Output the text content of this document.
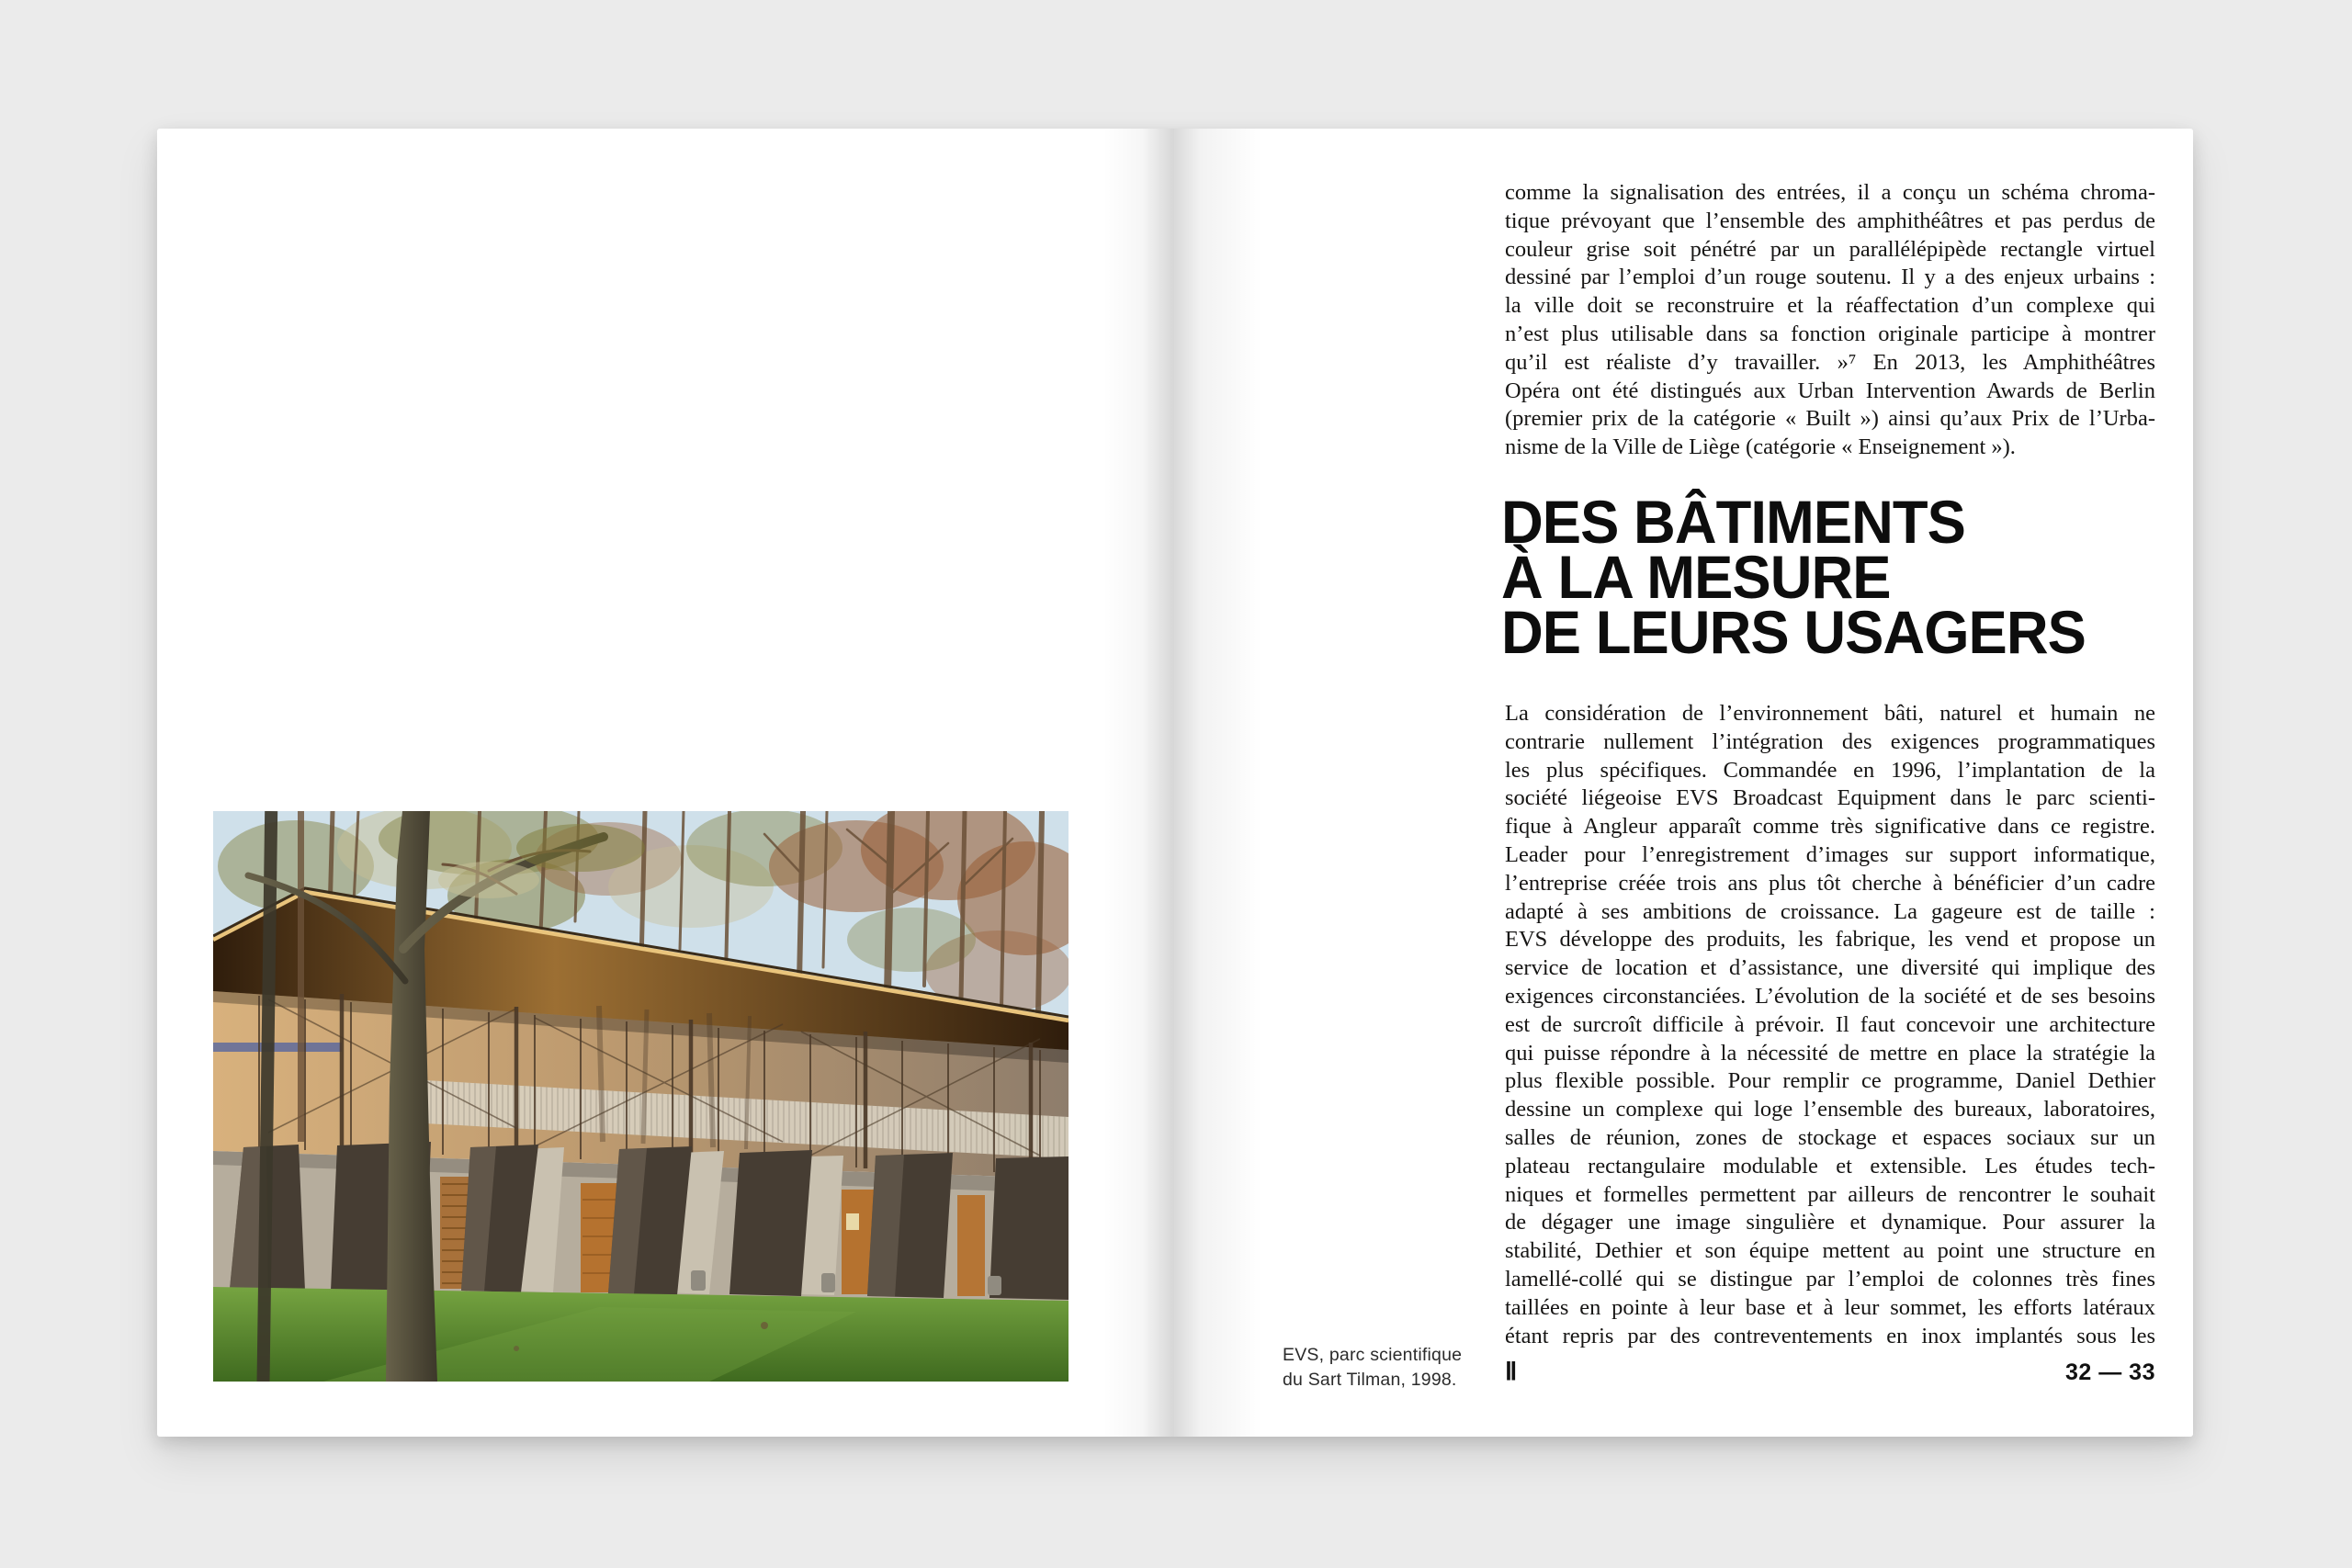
comme la signalisation des entrées, il a conçu un schéma chroma-
tique prévoyant que l’ensemble des amphithéâtres et pas perdus de
couleur grise soit pénétré par un parallélépipède rectangle virtuel
dessiné par l’emploi d’un rouge soutenu. Il y a des enjeux urbains :
la ville doit se reconstruire et la réaffectation d’un complexe qui
n’est plus utilisable dans sa fonction originale participe à montrer
qu’il est réaliste d’y travailler. »⁷ En 2013, les Amphithéâtres
Opéra ont été distingués aux Urban Intervention Awards de Berlin
(premier prix de la catégorie « Built ») ainsi qu’aux Prix de l’Urba-
nisme de la Ville de Liège (catégorie « Enseignement »).
DES BÂTIMENTS
À LA MESURE
DE LEURS USAGERS
La considération de l’environnement bâti, naturel et humain ne
contrarie nullement l’intégration des exigences programmatiques
les plus spécifiques. Commandée en 1996, l’implantation de la
société liégeoise EVS Broadcast Equipment dans le parc scienti-
fique à Angleur apparaît comme très significative dans ce registre.
Leader pour l’enregistrement d’images sur support informatique,
l’entreprise créée trois ans plus tôt cherche à bénéficier d’un cadre
adapté à ses ambitions de croissance. La gageure est de taille :
EVS développe des produits, les fabrique, les vend et propose un
service de location et d’assistance, une diversité qui implique des
exigences circonstanciées. L’évolution de la société et de ses besoins
est de surcroît difficile à prévoir. Il faut concevoir une architecture
qui puisse répondre à la nécessité de mettre en place la stratégie la
plus flexible possible. Pour remplir ce programme, Daniel Dethier
dessine un complexe qui loge l’ensemble des bureaux, laboratoires,
salles de réunion, zones de stockage et espaces sociaux sur un
plateau rectangulaire modulable et extensible. Les études tech-
niques et formelles permettent par ailleurs de rencontrer le souhait
de dégager une image singulière et dynamique. Pour assurer la
stabilité, Dethier et son équipe mettent au point une structure en
lamellé-collé qui se distingue par l’emploi de colonnes très fines
taillées en pointe à leur base et à leur sommet, les efforts latéraux
étant repris par des contreventements en inox implantés sous les
EVS, parc scientifique
du Sart Tilman, 1998. Ⅱ	32 — 33
